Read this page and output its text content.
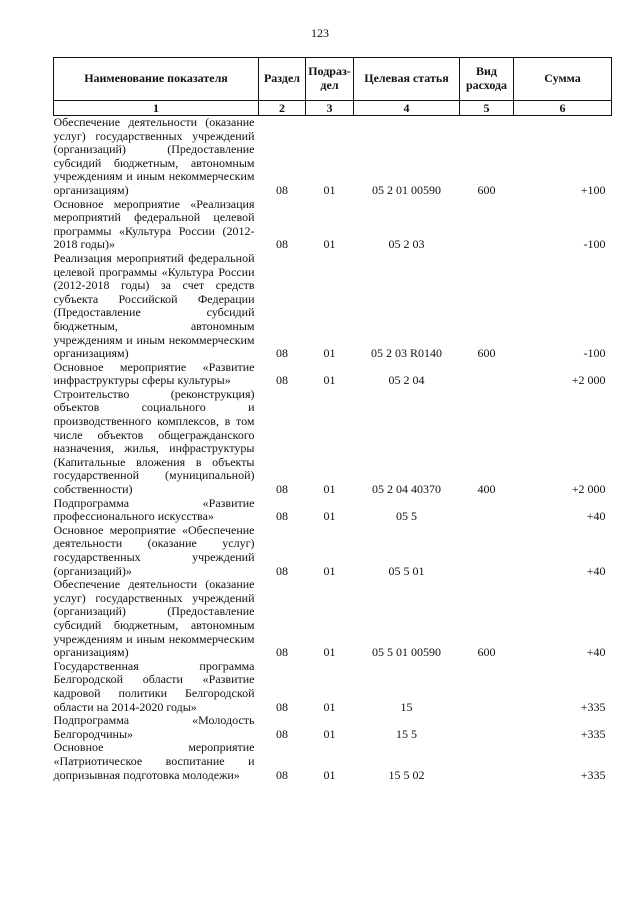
123
Наименование показателя	Раздел	Подраз-дел	Целевая статья	Вид расхода	Сумма
1	2	3	4	5	6
Обеспечение деятельности (оказание услуг) государственных учреждений (организаций) (Предоставление субсидий бюджетным, автономным учреждениям и иным некоммерческим организациям)	08	01	05 2 01 00590	600	+100
Основное мероприятие «Реализация мероприятий федеральной целевой программы «Культура России (2012-2018 годы)»	08	01	05 2 03		-100
Реализация мероприятий федеральной целевой программы «Культура России (2012-2018 годы) за счет средств субъекта Российской Федерации (Предоставление субсидий бюджетным, автономным учреждениям и иным некоммерческим организациям)	08	01	05 2 03 R0140	600	-100
Основное мероприятие «Развитие инфраструктуры сферы культуры»	08	01	05 2 04		+2 000
Строительство (реконструкция) объектов социального и производственного комплексов, в том числе объектов общегражданского назначения, жилья, инфраструктуры (Капитальные вложения в объекты государственной (муниципальной) собственности)	08	01	05 2 04 40370	400	+2 000
Подпрограмма «Развитие профессионального искусства»	08	01	05 5		+40
Основное мероприятие «Обеспечение деятельности (оказание услуг) государственных учреждений (организаций)»	08	01	05 5 01		+40
Обеспечение деятельности (оказание услуг) государственных учреждений (организаций) (Предоставление субсидий бюджетным, автономным учреждениям и иным некоммерческим организациям)	08	01	05 5 01 00590	600	+40
Государственная программа Белгородской области «Развитие кадровой политики Белгородской области на 2014-2020 годы»	08	01	15		+335
Подпрограмма «Молодость Белгородчины»	08	01	15 5		+335
Основное мероприятие «Патриотическое воспитание и допризывная подготовка молодежи»	08	01	15 5 02		+335
